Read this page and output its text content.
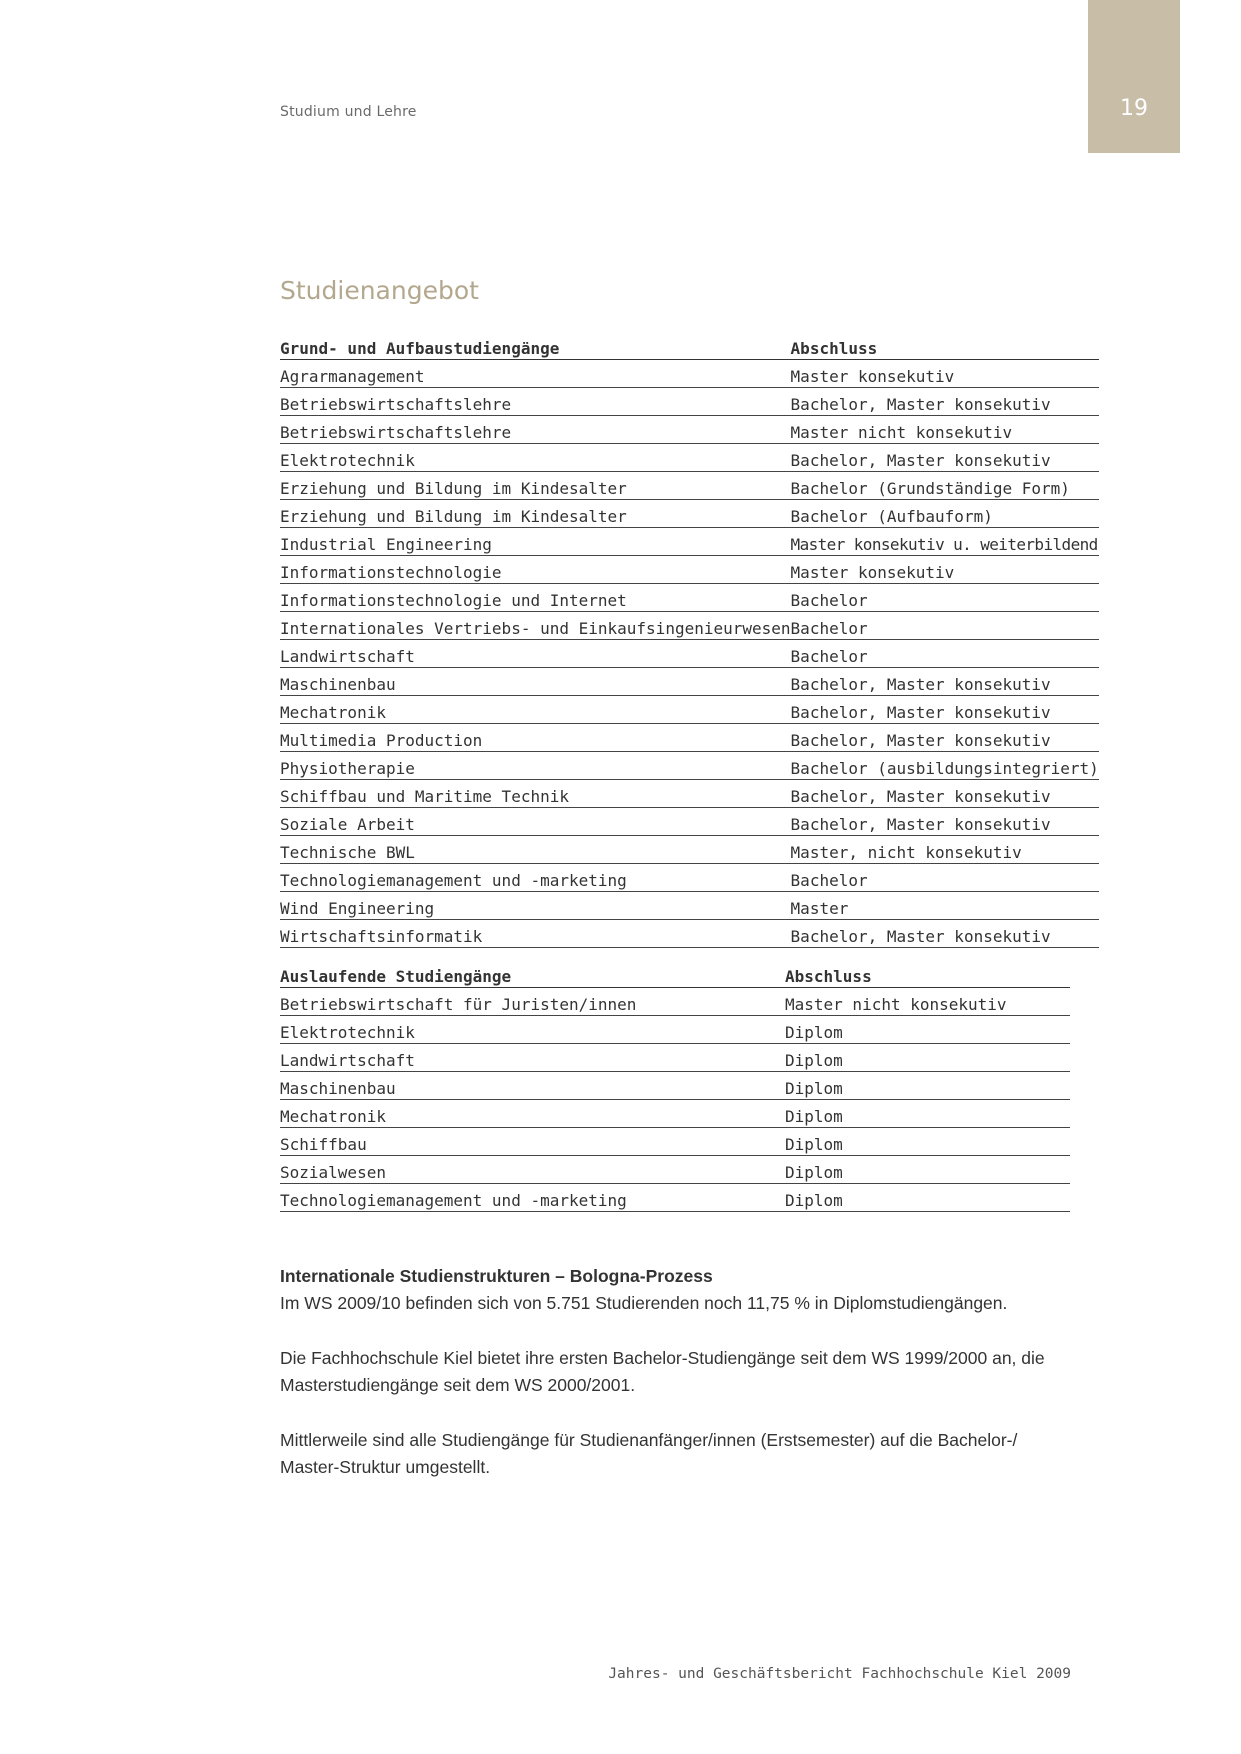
19
Studium und Lehre
Studienangebot
Grund- und Aufbaustudiengänge	Abschluss
Agrarmanagement	Master konsekutiv
Betriebswirtschaftslehre	Bachelor, Master konsekutiv
Betriebswirtschaftslehre	Master nicht konsekutiv
Elektrotechnik	Bachelor, Master konsekutiv
Erziehung und Bildung im Kindesalter	Bachelor (Grundständige Form)
Erziehung und Bildung im Kindesalter	Bachelor (Aufbauform)
Industrial Engineering	Master konsekutiv u. weiterbildend
Informationstechnologie	Master konsekutiv
Informationstechnologie und Internet	Bachelor
Internationales Vertriebs- und Einkaufsingenieurwesen	Bachelor
Landwirtschaft	Bachelor
Maschinenbau	Bachelor, Master konsekutiv
Mechatronik	Bachelor, Master konsekutiv
Multimedia Production	Bachelor, Master konsekutiv
Physiotherapie	Bachelor (ausbildungsintegriert)
Schiffbau und Maritime Technik	Bachelor, Master konsekutiv
Soziale Arbeit	Bachelor, Master konsekutiv
Technische BWL	Master, nicht konsekutiv
Technologiemanagement und -marketing	Bachelor
Wind Engineering	Master
Wirtschaftsinformatik	Bachelor, Master konsekutiv
Auslaufende Studiengänge	Abschluss
Betriebswirtschaft für Juristen/innen	Master nicht konsekutiv
Elektrotechnik	Diplom
Landwirtschaft	Diplom
Maschinenbau	Diplom
Mechatronik	Diplom
Schiffbau	Diplom
Sozialwesen	Diplom
Technologiemanagement und -marketing	Diplom
Internationale Studienstrukturen – Bologna-Prozess

Im WS 2009/10 befinden sich von 5.751 Studierenden noch 11,75 % in Diplomstudiengängen.

Die Fachhochschule Kiel bietet ihre ersten Bachelor-Studiengänge seit dem WS 1999/2000 an, die Masterstudiengänge seit dem WS 2000/2001.

Mittlerweile sind alle Studiengänge für Studienanfänger/innen (Erstsemester) auf die Bachelor-/ Master-Struktur umgestellt.

Jahres- und Geschäftsbericht Fachhochschule Kiel 2009
